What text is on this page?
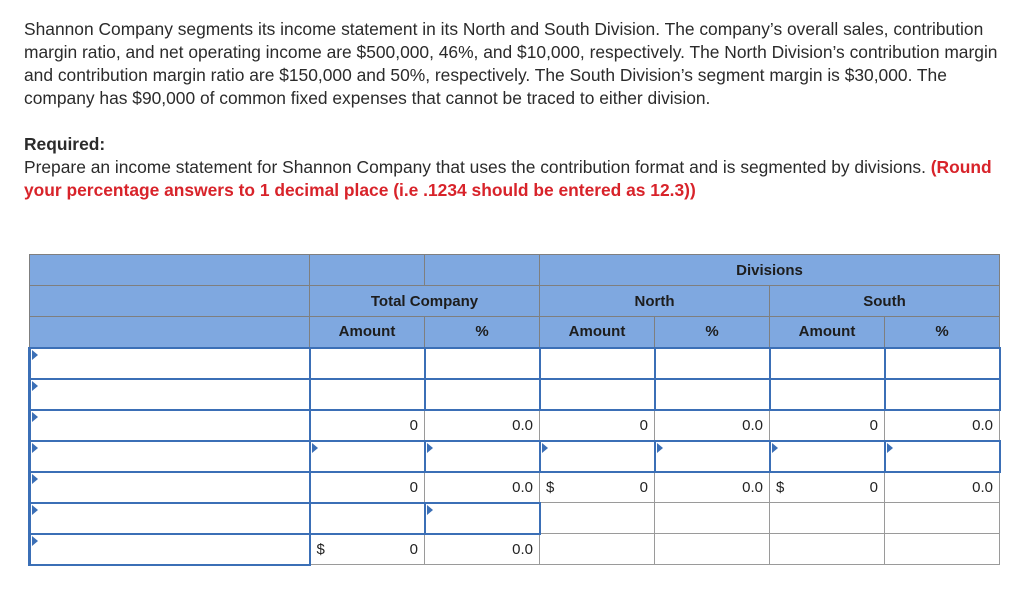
Shannon Company segments its income statement in its North and South Division. The company’s overall sales, contribution margin ratio, and net operating income are $500,000, 46%, and $10,000, respectively. The North Division’s contribution margin and contribution margin ratio are $150,000 and 50%, respectively. The South Division’s segment margin is $30,000. The company has $90,000 of common fixed expenses that cannot be traced to either division.

Required:

Prepare an income statement for Shannon Company that uses the contribution format and is segmented by divisions. (Round your percentage answers to 1 decimal place (i.e .1234 should be entered as 12.3))

			Divisions			
	Total Company		North		South	
	Amount	%	Amount	%	Amount	%

	0	0.0	0	0.0	0	0.0

	0	0.0	$ 0	0.0	$ 0	0.0

	$ 0	0.0				
